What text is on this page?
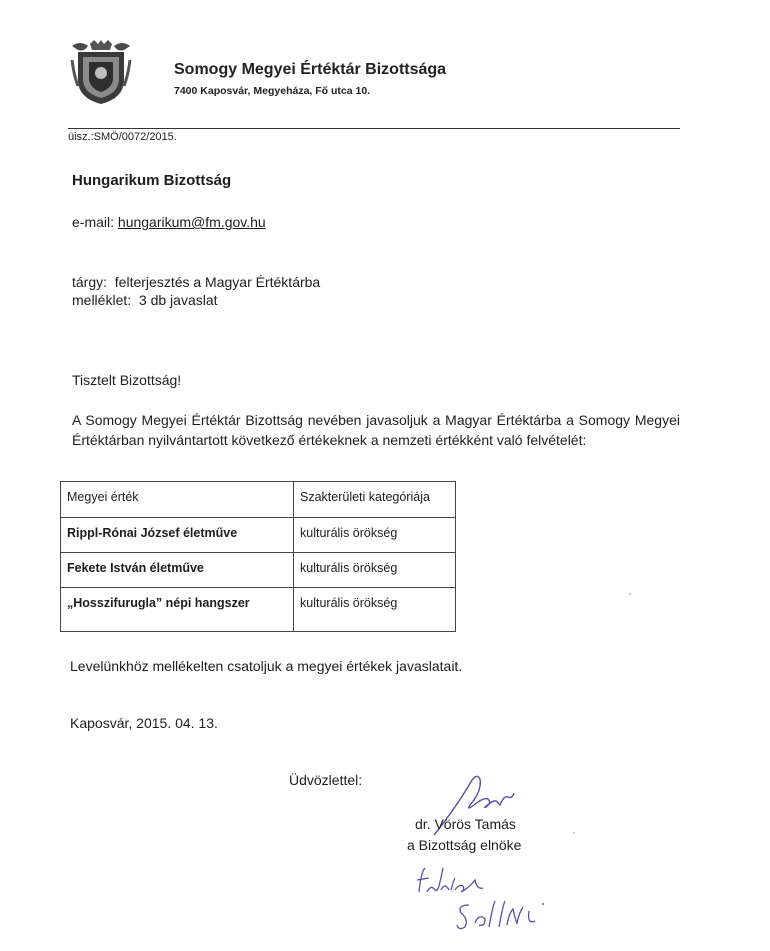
Somogy Megyei Értéktár Bizottsága
7400 Kaposvár, Megyeháza, Fő utca 10.
üisz.:SMÖ/0072/2015.
Hungarikum Bizottság
e-mail: hungarikum@fm.gov.hu
tárgy: felterjesztés a Magyar Értéktárba
melléklet: 3 db javaslat
Tisztelt Bizottság!
A Somogy Megyei Értéktár Bizottság nevében javasoljuk a Magyar Értéktárba a Somogy Megyei Értéktárban nyilvántartott következő értékeknek a nemzeti értékként való felvételét:
Megyei érték	Szakterületi kategóriája
Rippl-Rónai József életműve	kulturális örökség
Fekete István életműve	kulturális örökség
„Hosszifurugla” népi hangszer	kulturális örökség
Levelünkhöz mellékelten csatoljuk a megyei értékek javaslatait.
Kaposvár, 2015. 04. 13.
Üdvözlettel:
dr. Vörös Tamás
a Bizottság elnöke
